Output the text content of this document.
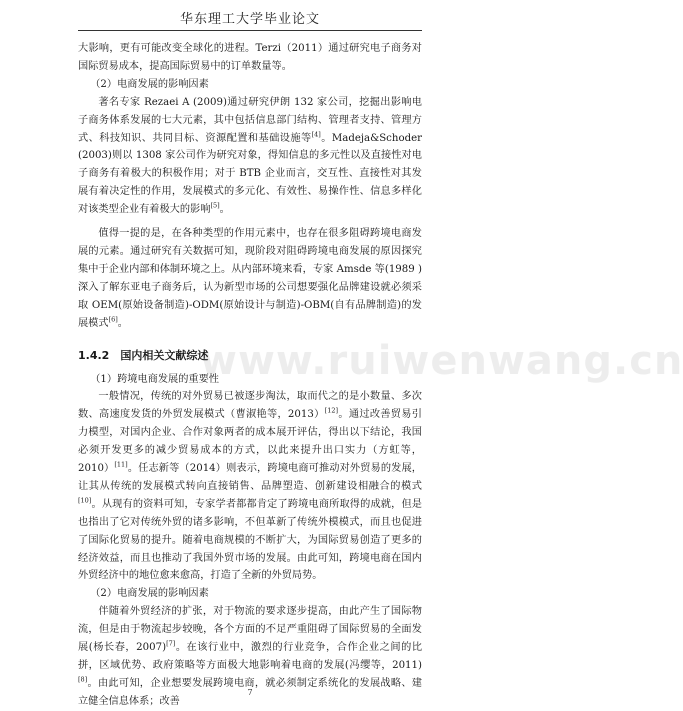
华东理工大学毕业论文
www.ruiwenwang.cn

大影响，更有可能改变全球化的进程。Terzi（2011）通过研究电子商务对国际贸易成本，提高国际贸易中的订单数量等。

（2）电商发展的影响因素

著名专家 Rezaei A (2009)通过研究伊朗 132 家公司，挖掘出影响电子商务体系发展的七大元素，其中包括信息部门结构、管理者支持、管理方式、科技知识、共同目标、资源配置和基础设施等[4]。Madeja&Schoder (2003)则以 1308 家公司作为研究对象，得知信息的多元性以及直接性对电子商务有着极大的积极作用；对于 BTB 企业而言，交互性、直接性对其发展有着决定性的作用，发展模式的多元化、有效性、易操作性、信息多样化对该类型企业有着极大的影响[5]。

值得一提的是，在各种类型的作用元素中，也存在很多阻碍跨境电商发展的元素。通过研究有关数据可知，现阶段对阻碍跨境电商发展的原因探究集中于企业内部和体制环境之上。从内部环境来看，专家 Amsde 等(1989 )深入了解东亚电子商务后，认为新型市场的公司想要强化品牌建设就必须采取 OEM(原始设备制造)-ODM(原始设计与制造)-OBM(自有品牌制造)的发展模式[6]。

1.4.2　国内相关文献综述

（1）跨境电商发展的重要性

一般情况，传统的对外贸易已被逐步淘汰，取而代之的是小数量、多次数、高速度发货的外贸发展模式（曹淑艳等，2013）[12]。通过改善贸易引力模型，对国内企业、合作对象两者的成本展开评估，得出以下结论，我国必须开发更多的减少贸易成本的方式，以此来提升出口实力（方虹等，2010）[11]。任志新等（2014）则表示，跨境电商可推动对外贸易的发展，让其从传统的发展模式转向直接销售、品牌塑造、创新建设相融合的模式[10]。从现有的资料可知，专家学者都都肯定了跨境电商所取得的成就，但是也指出了它对传统外贸的诸多影响，不但革新了传统外模模式，而且也促进了国际化贸易的提升。随着电商规模的不断扩大，为国际贸易创造了更多的经济效益，而且也推动了我国外贸市场的发展。由此可知，跨境电商在国内外贸经济中的地位愈来愈高，打造了全新的外贸局势。

（2）电商发展的影响因素

伴随着外贸经济的扩张，对于物流的要求逐步提高，由此产生了国际物流，但是由于物流起步较晚，各个方面的不足严重阻碍了国际贸易的全面发展(杨长春，2007)[7]。在该行业中，激烈的行业竞争，合作企业之间的比拼，区域优势、政府策略等方面极大地影响着电商的发展(冯缨等，2011)[8]。由此可知，企业想要发展跨境电商，就必须制定系统化的发展战略、建立健全信息体系；改善

7
